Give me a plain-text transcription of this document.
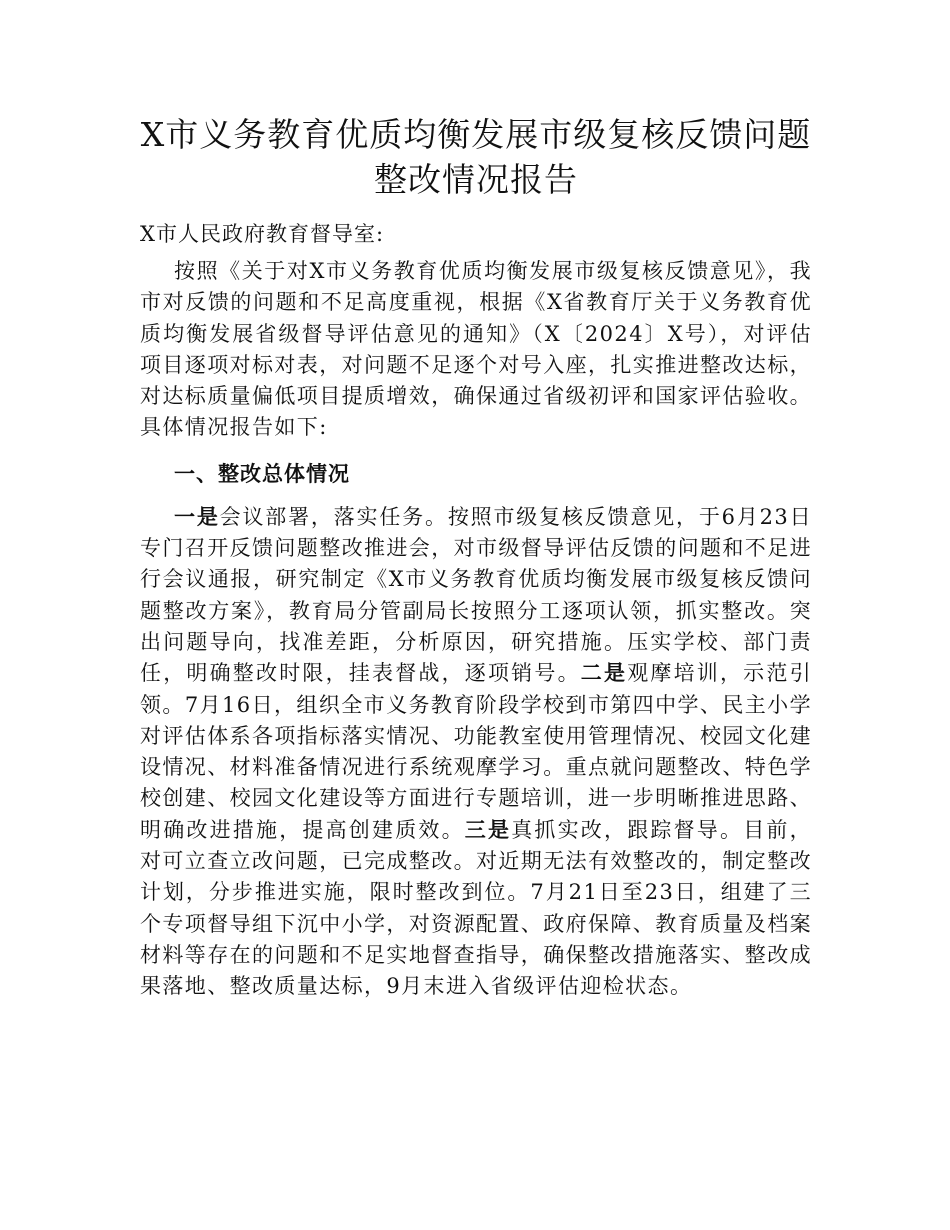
X市义务教育优质均衡发展市级复核反馈问题
整改情况报告

X市人民政府教育督导室:

按照《关于对X市义务教育优质均衡发展市级复核反馈意见》，我市对反馈的问题和不足高度重视，根据《X省教育厅关于义务教育优质均衡发展省级督导评估意见的通知》（X〔2024〕X号），对评估项目逐项对标对表，对问题不足逐个对号入座，扎实推进整改达标，对达标质量偏低项目提质增效，确保通过省级初评和国家评估验收。具体情况报告如下:

一、整改总体情况

一是会议部署，落实任务。按照市级复核反馈意见，于6月23日专门召开反馈问题整改推进会，对市级督导评估反馈的问题和不足进行会议通报，研究制定《X市义务教育优质均衡发展市级复核反馈问题整改方案》，教育局分管副局长按照分工逐项认领，抓实整改。突出问题导向，找准差距，分析原因，研究措施。压实学校、部门责任，明确整改时限，挂表督战，逐项销号。二是观摩培训，示范引领。7月16日，组织全市义务教育阶段学校到市第四中学、民主小学对评估体系各项指标落实情况、功能教室使用管理情况、校园文化建设情况、材料准备情况进行系统观摩学习。重点就问题整改、特色学校创建、校园文化建设等方面进行专题培训，进一步明晰推进思路、明确改进措施，提高创建质效。三是真抓实改，跟踪督导。目前，对可立查立改问题，已完成整改。对近期无法有效整改的，制定整改计划，分步推进实施，限时整改到位。7月21日至23日，组建了三个专项督导组下沉中小学，对资源配置、政府保障、教育质量及档案材料等存在的问题和不足实地督查指导，确保整改措施落实、整改成果落地、整改质量达标，9月末进入省级评估迎检状态。
